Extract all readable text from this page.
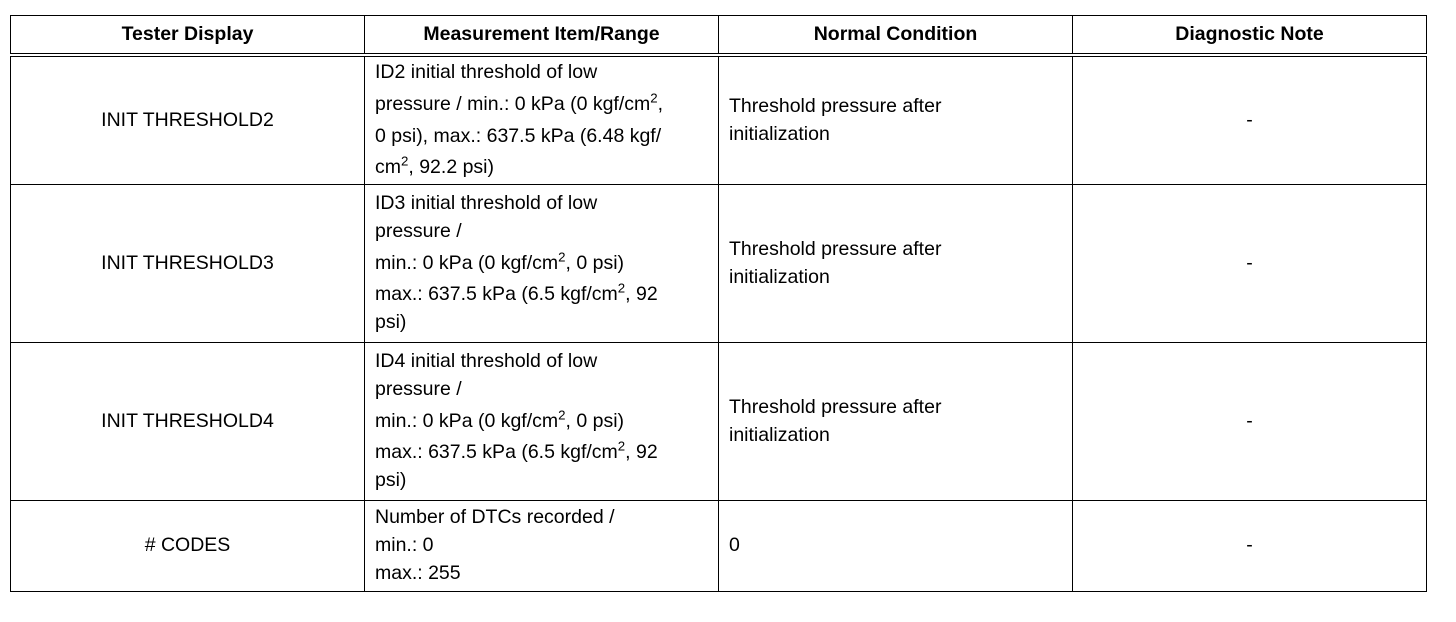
Tester Display	Measurement Item/Range	Normal Condition	Diagnostic Note
INIT THRESHOLD2	ID2 initial threshold of low
pressure / min.: 0 kPa (0 kgf/$cm^2$,
0 psi), max.: 637.5 kPa (6.48 kgf/
$cm^2$, 92.2 psi)	Threshold pressure after
initialization	-
INIT THRESHOLD3	ID3 initial threshold of low
pressure /
min.: 0 kPa (0 kgf/$cm^2$, 0 psi)
max.: 637.5 kPa (6.5 kgf/$cm^2$, 92
psi)	Threshold pressure after
initialization	-
INIT THRESHOLD4	ID4 initial threshold of low
pressure /
min.: 0 kPa (0 kgf/$cm^2$, 0 psi)
max.: 637.5 kPa (6.5 kgf/$cm^2$, 92
psi)	Threshold pressure after
initialization	-
# CODES	Number of DTCs recorded /
min.: 0
max.: 255	0	-
